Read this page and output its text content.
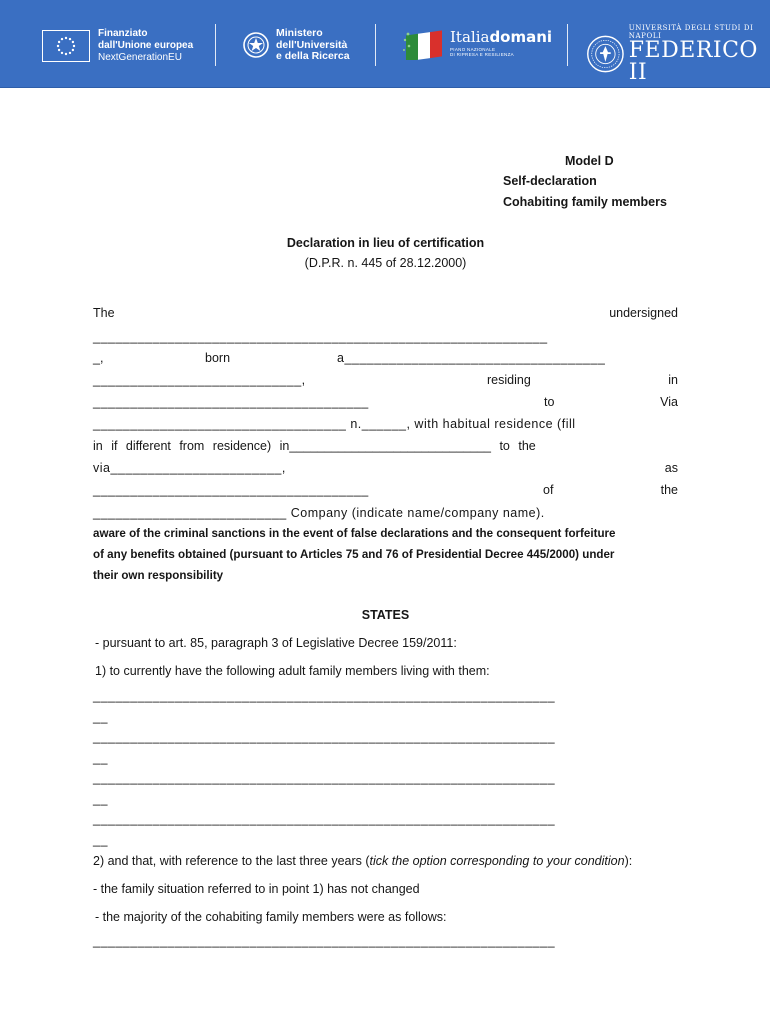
Finanziato
dall'Unione europea
NextGenerationEU
Ministero
dell'Università
e della Ricerca
Italiadomani
PIANO NAZIONALE
DI RIPRESA E RESILIENZA
UNIVERSITÀ DEGLI STUDI DI NAPOLI
FEDERICO II
Model D
Self-declaration
Cohabiting family members
Declaration in lieu of certification
(D.P.R. n. 445 of 28.12.2000)
The	undersigned
_____________________________________________________________
_,	born	a___________________________________
____________________________,	residing	in
_____________________________________	to	Via
__________________________________ n.______, with habitual residence (fill
in if different from residence) in_____________________________ to the
via_______________________,	as
_____________________________________	of	the
__________________________ Company (indicate name/company name).
aware of the criminal sanctions in the event of false declarations and the consequent forfeiture
of any benefits obtained (pursuant to Articles 75 and 76 of Presidential Decree 445/2000) under
their own responsibility
STATES
- pursuant to art. 85, paragraph 3 of Legislative Decree 159/2011:
1) to currently have the following adult family members living with them:
______________________________________________________________
__
______________________________________________________________
__
______________________________________________________________
__
______________________________________________________________
__
2) and that, with reference to the last three years (tick the option corresponding to your condition):
- the family situation referred to in point 1) has not changed
- the majority of the cohabiting family members were as follows:
______________________________________________________________
